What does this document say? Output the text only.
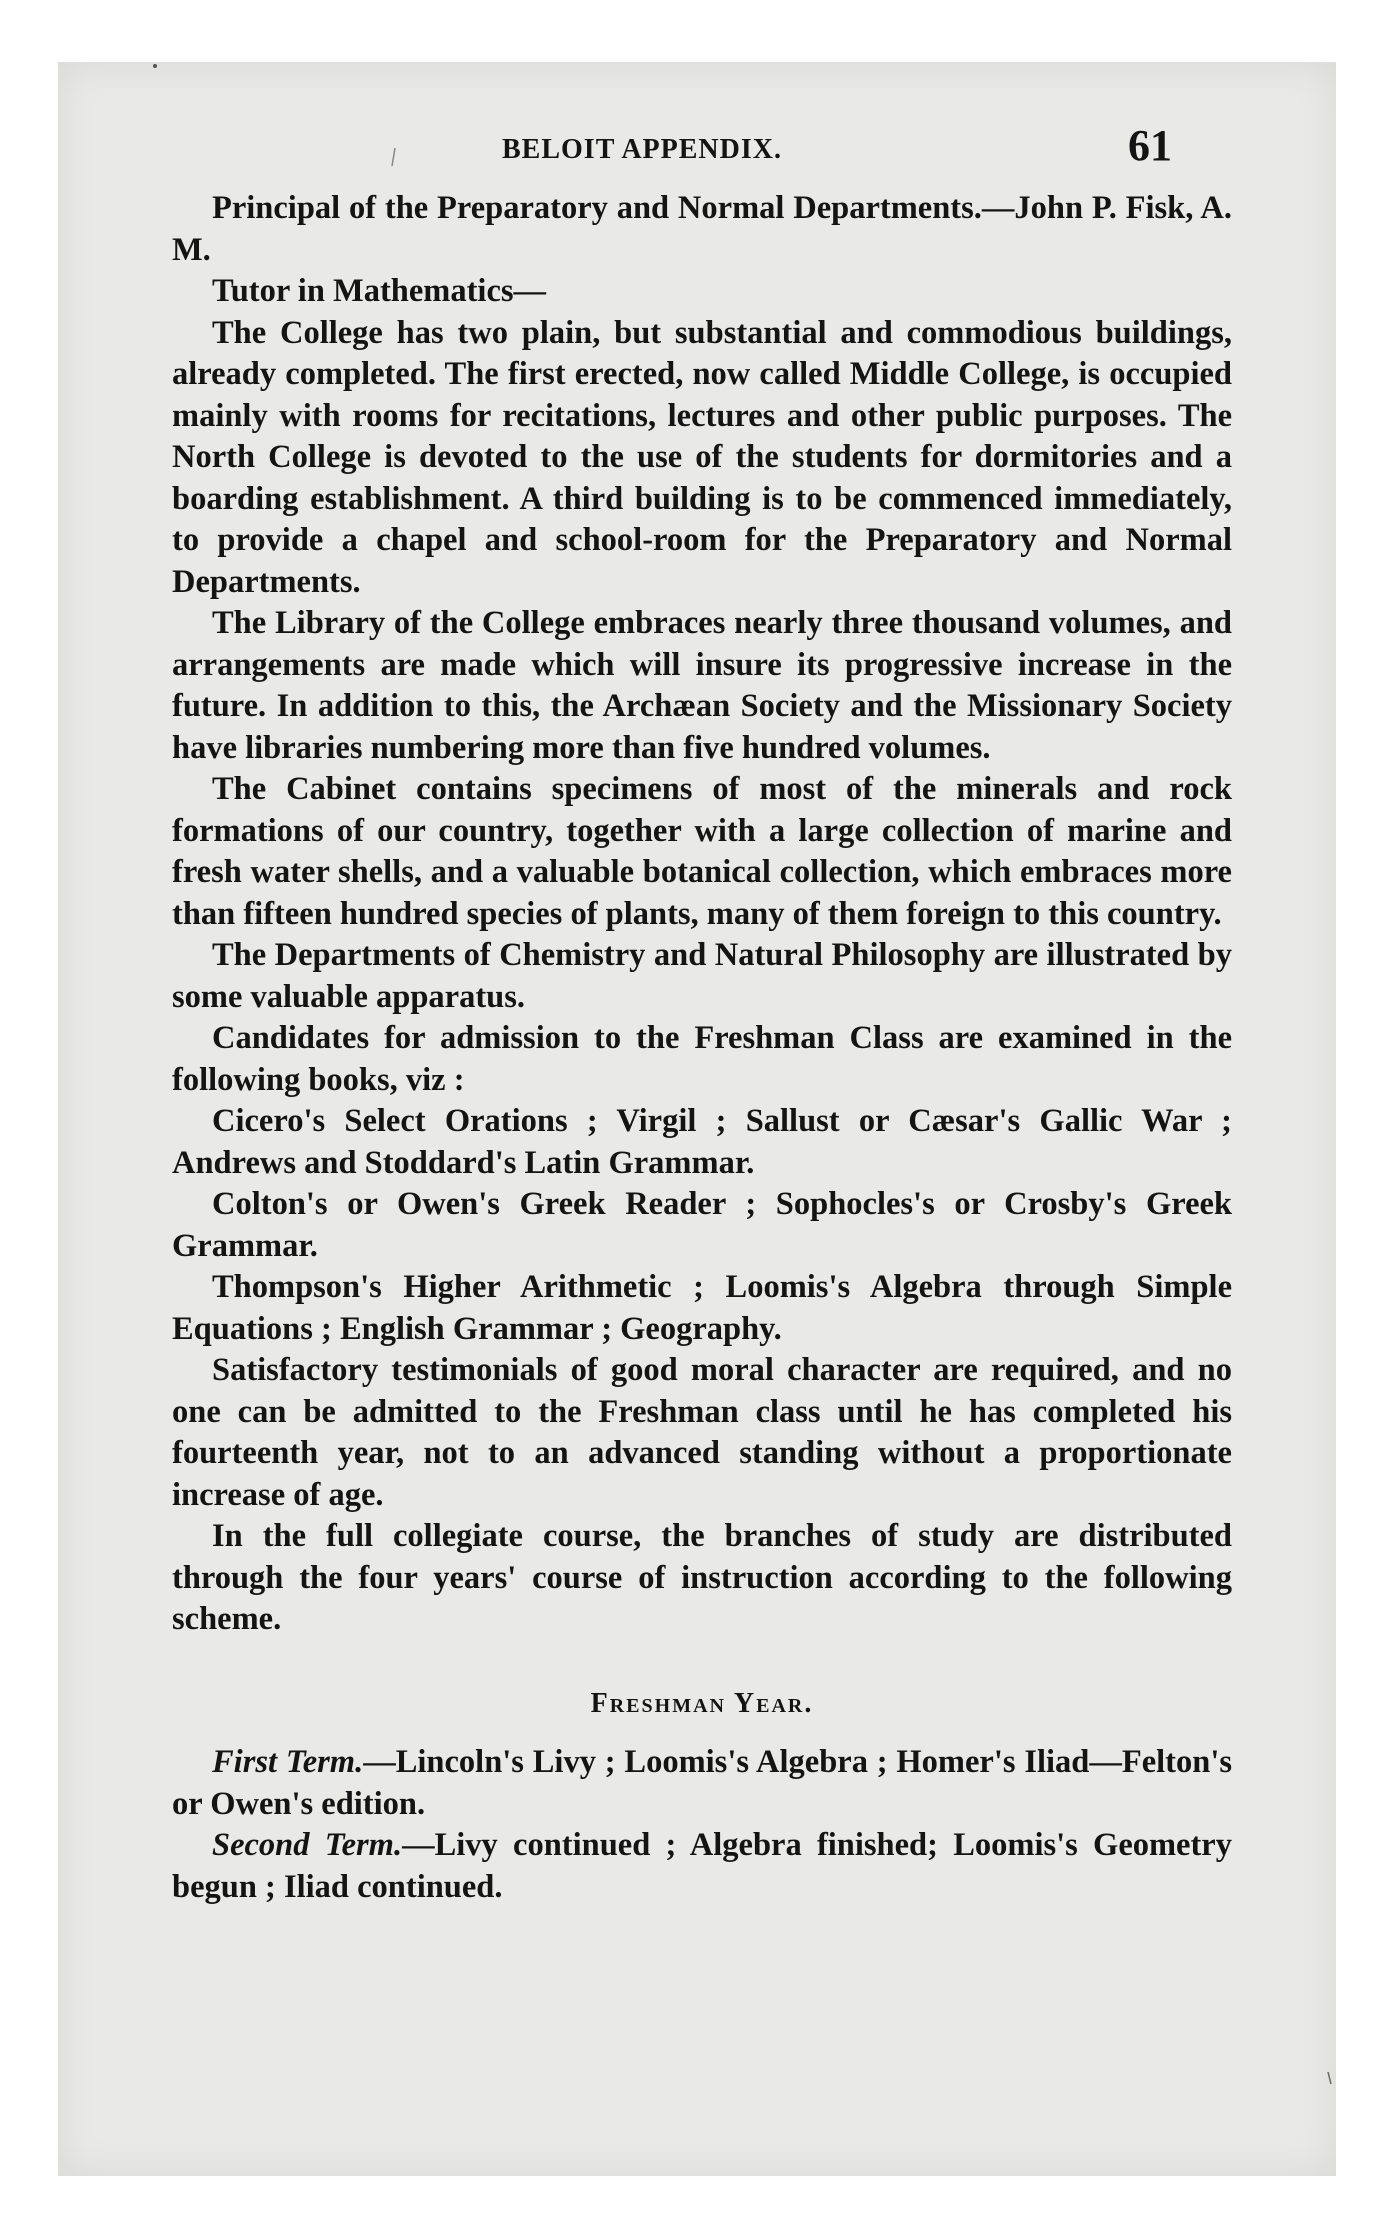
BELOIT APPENDIX.	61

Principal of the Preparatory and Normal Departments.—John P. Fisk, A. M.

Tutor in Mathematics—

The College has two plain, but substantial and commodious buildings, already completed. The first erected, now called Middle College, is occupied mainly with rooms for recitations, lectures and other public purposes. The North College is devoted to the use of the students for dormitories and a boarding establishment. A third building is to be commenced immediately, to provide a chapel and school-room for the Preparatory and Normal Departments.

The Library of the College embraces nearly three thousand volumes, and arrangements are made which will insure its progressive increase in the future. In addition to this, the Archæan Society and the Missionary Society have libraries numbering more than five hundred volumes.

The Cabinet contains specimens of most of the minerals and rock formations of our country, together with a large collection of marine and fresh water shells, and a valuable botanical collection, which embraces more than fifteen hundred species of plants, many of them foreign to this country.

The Departments of Chemistry and Natural Philosophy are illustrated by some valuable apparatus.

Candidates for admission to the Freshman Class are examined in the following books, viz :

Cicero's Select Orations ; Virgil ; Sallust or Cæsar's Gallic War ; Andrews and Stoddard's Latin Grammar.

Colton's or Owen's Greek Reader ; Sophocles's or Crosby's Greek Grammar.

Thompson's Higher Arithmetic ; Loomis's Algebra through Simple Equations ; English Grammar ; Geography.

Satisfactory testimonials of good moral character are required, and no one can be admitted to the Freshman class until he has completed his fourteenth year, not to an advanced standing without a proportionate increase of age.

In the full collegiate course, the branches of study are distributed through the four years' course of instruction according to the following scheme.

Freshman Year.

First Term.—Lincoln's Livy ; Loomis's Algebra ; Homer's Iliad—Felton's or Owen's edition.

Second Term.—Livy continued ; Algebra finished; Loomis's Geometry begun ; Iliad continued.
